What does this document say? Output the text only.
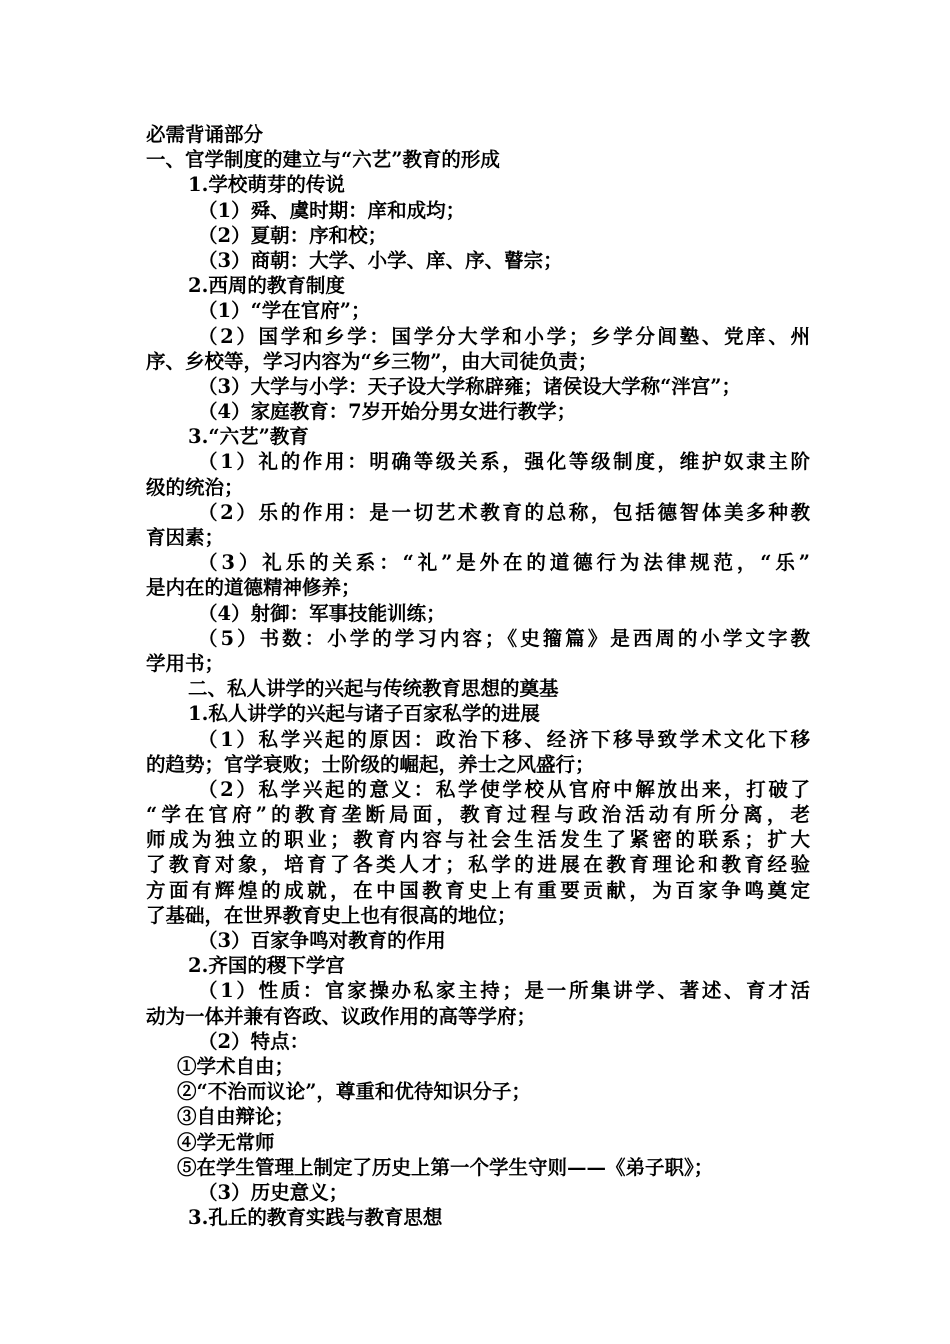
必需背诵部分
一、官学制度的建立与“六艺”教育的形成
1.学校萌芽的传说
（1）舜、虞时期：庠和成均；
（2）夏朝：序和校；
（3）商朝：大学、小学、庠、序、瞽宗；
2.西周的教育制度
（1）“学在官府”；
（2）国学和乡学：国学分大学和小学；乡学分闾塾、党庠、州
序、乡校等，学习内容为“乡三物”，由大司徒负责；
（3）大学与小学：天子设大学称辟雍；诸侯设大学称“泮宫”；
（4）家庭教育：7岁开始分男女进行教学；
3.“六艺”教育
（1）礼的作用：明确等级关系，强化等级制度，维护奴隶主阶
级的统治；
（2）乐的作用：是一切艺术教育的总称，包括德智体美多种教
育因素；
（3）礼乐的关系：“礼”是外在的道德行为法律规范，“乐”
是内在的道德精神修养；
（4）射御：军事技能训练；
（5）书数：小学的学习内容；《史籀篇》是西周的小学文字教
学用书；
二、私人讲学的兴起与传统教育思想的奠基
1.私人讲学的兴起与诸子百家私学的进展
（1）私学兴起的原因：政治下移、经济下移导致学术文化下移
的趋势；官学衰败；士阶级的崛起，养士之风盛行；
（2）私学兴起的意义：私学使学校从官府中解放出来，打破了
“学在官府”的教育垄断局面，教育过程与政治活动有所分离，老
师成为独立的职业；教育内容与社会生活发生了紧密的联系；扩大
了教育对象，培育了各类人才；私学的进展在教育理论和教育经验
方面有辉煌的成就，在中国教育史上有重要贡献，为百家争鸣奠定
了基础，在世界教育史上也有很高的地位；
（3）百家争鸣对教育的作用
2.齐国的稷下学宫
（1）性质：官家操办私家主持；是一所集讲学、著述、育才活
动为一体并兼有咨政、议政作用的高等学府；
（2）特点：
①学术自由；
②“不治而议论”，尊重和优待知识分子；
③自由辩论；
④学无常师
⑤在学生管理上制定了历史上第一个学生守则——《弟子职》；
（3）历史意义；
3.孔丘的教育实践与教育思想
